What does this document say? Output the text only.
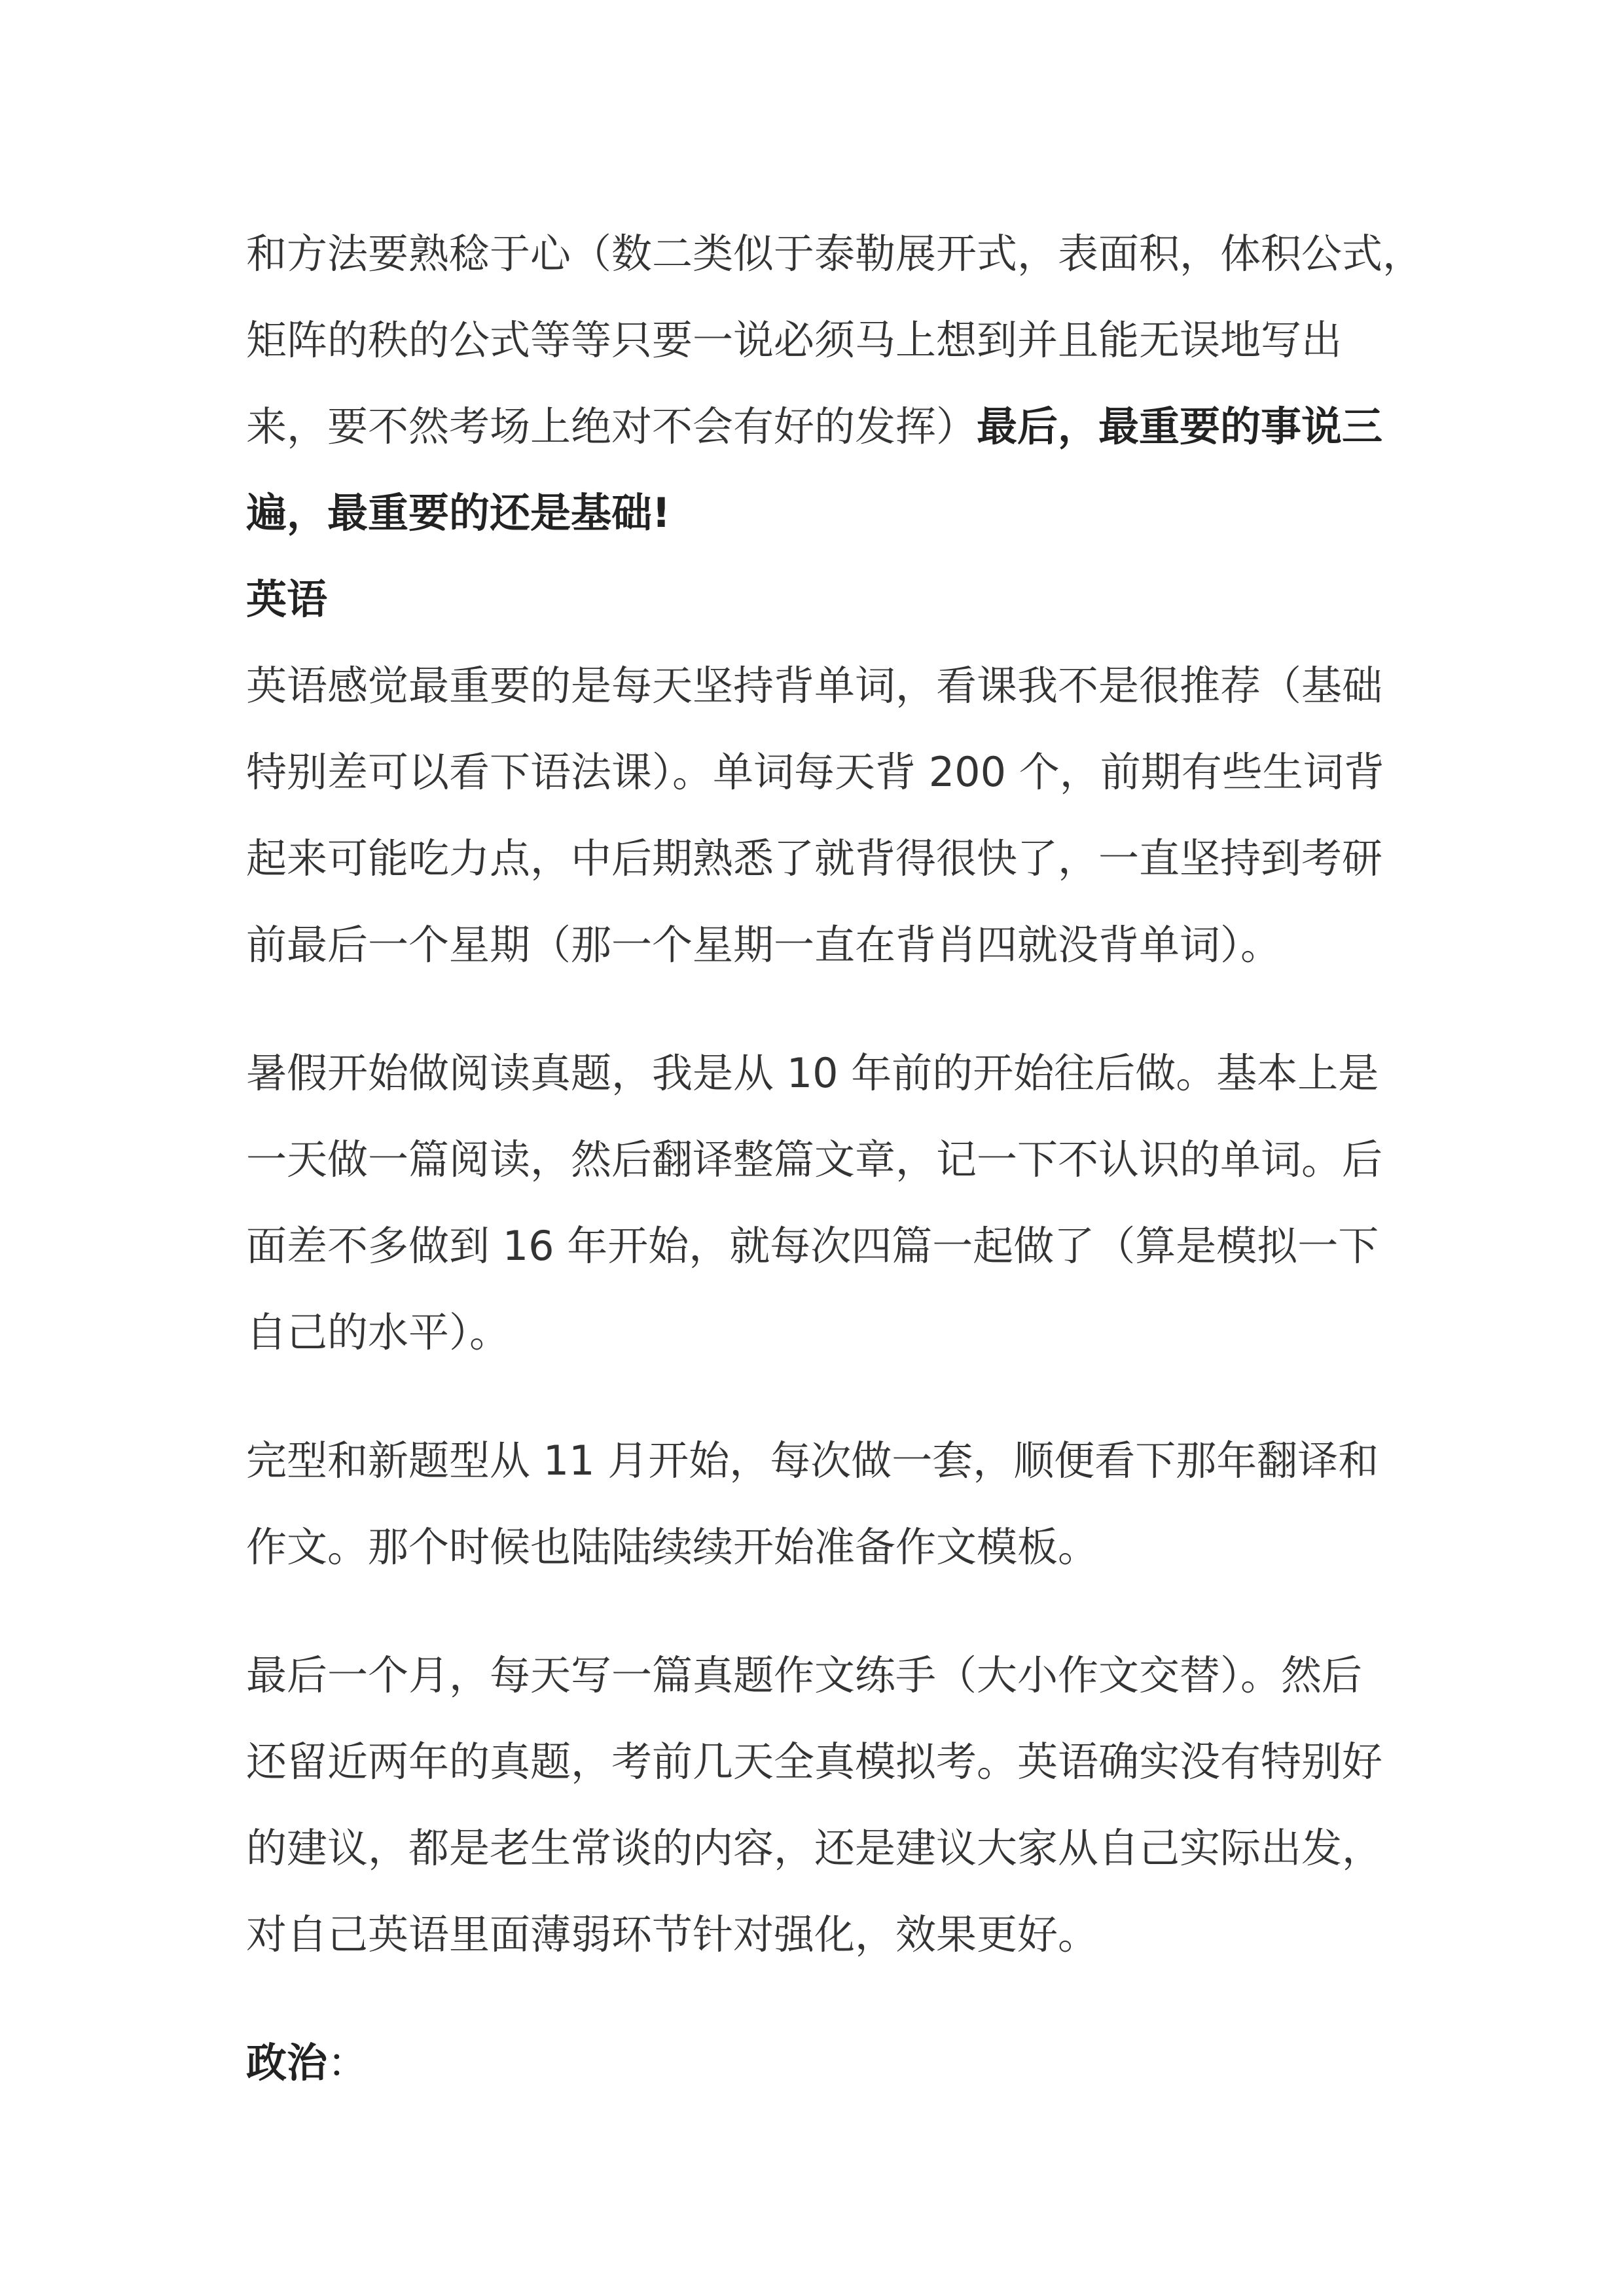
和方法要熟稔于心（数二类似于泰勒展开式，表面积，体积公式，
矩阵的秩的公式等等只要一说必须马上想到并且能无误地写出
来，要不然考场上绝对不会有好的发挥）最后，最重要的事说三
遍，最重要的还是基础!

英语

英语感觉最重要的是每天坚持背单词，看课我不是很推荐（基础
特别差可以看下语法课）。单词每天背 200 个，前期有些生词背
起来可能吃力点，中后期熟悉了就背得很快了，一直坚持到考研
前最后一个星期（那一个星期一直在背肖四就没背单词）。

暑假开始做阅读真题，我是从 10 年前的开始往后做。基本上是
一天做一篇阅读，然后翻译整篇文章，记一下不认识的单词。后
面差不多做到 16 年开始，就每次四篇一起做了（算是模拟一下
自己的水平）。

完型和新题型从 11 月开始，每次做一套，顺便看下那年翻译和
作文。那个时候也陆陆续续开始准备作文模板。

最后一个月，每天写一篇真题作文练手（大小作文交替）。然后
还留近两年的真题，考前几天全真模拟考。英语确实没有特别好
的建议，都是老生常谈的内容，还是建议大家从自己实际出发，
对自己英语里面薄弱环节针对强化，效果更好。

政治：
